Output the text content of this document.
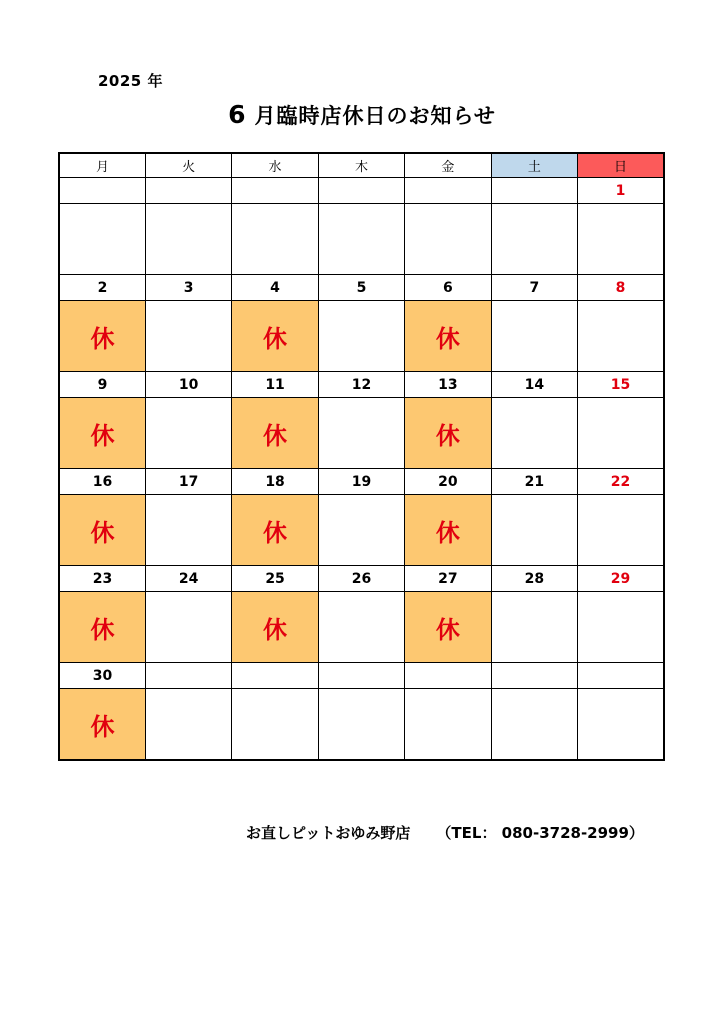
2025 年
6 月臨時店休日のお知らせ
月	火	水	木	金	土	日
						1

2	3	4	5	6	7	8
休		休		休		
9	10	11	12	13	14	15
休		休		休		
16	17	18	19	20	21	22
休		休		休		
23	24	25	26	27	28	29
休		休		休		
30						
休						
お直しピットおゆみ野店 （TEL： 080-3728-2999）
